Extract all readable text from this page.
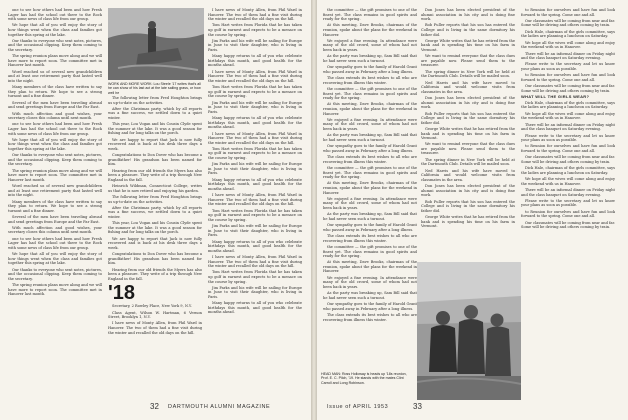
one to see how others had been and how Fresh Lager has had the school out there to the Rock with some news of class life from our group.

We hope that all of you will enjoy the story of how things went when the class and families got together this spring at the lake.

Our thanks to everyone who sent notes, pictures, and the occasional clipping. Keep them coming to the secretary.

The spring reunion plans move along and we will have more to report soon. The committee met in Hanover last month.

Word reached us of several new grandchildren and at least one retirement party that lasted well into the night.

Many members of the class have written to say they plan to return. We hope to see a strong turnout and a fine dinner.

Several of the men have been traveling abroad and send greetings from Europe and the Far East.

With much affection and good wishes, your secretary closes this column until next month.

one to see how others had been and how Fresh Lager has had the school out there to the Rock with some news of class life from our group.

We hope that all of you will enjoy the story of how things went when the class and families got together this spring at the lake.

Our thanks to everyone who sent notes, pictures, and the occasional clipping. Keep them coming to the secretary.

The spring reunion plans move along and we will have more to report soon. The committee met in Hanover last month.

Word reached us of several new grandchildren and at least one retirement party that lasted well into the night.

Many members of the class have written to say they plan to return. We hope to see a strong turnout and a fine dinner.

Several of the men have been traveling abroad and send greetings from Europe and the Far East.

With much affection and good wishes, your secretary closes this column until next month.

one to see how others had been and how Fresh Lager has had the school out there to the Rock with some news of class life from our group.

We hope that all of you will enjoy the story of how things went when the class and families got together this spring at the lake.

Our thanks to everyone who sent notes, pictures, and the occasional clipping. Keep them coming to the secretary.

The spring reunion plans move along and we will have more to report soon. The committee met in Hanover last month.

WORK AND MORE WORK: Lou Steele '17 writes that's all he can show of his last act at the late sailing grass, or how well he

The following letter from Fred Houghton brings us up-to-date on the activities.

After the Christmas party, which by all reports was a fine success, we settled down to a quiet winter.

This year, Lou Vogan and his Cousin Clyde spent the summer at the lake. It was a good season for fishing and for long talks on the porch.

We are happy to report that Jack is now fully recovered and is back at his desk three days a week.

Congratulations to Don Dover who has become a grandfather! His grandson has been named for him.

Hearing from our old friends the Myers has also been a pleasure. They write of a trip through New England in the fall.

Heinrich Wildman, Connecticut College, writes us that he is now retired and enjoying his garden.

The following letter from Fred Houghton brings us up-to-date on the activities.

After the Christmas party, which by all reports was a fine success, we settled down to a quiet winter.

This year, Lou Vogan and his Cousin Clyde spent the summer at the lake. It was a good season for fishing and for long talks on the porch.

We are happy to report that Jack is now fully recovered and is back at his desk three days a week.

Congratulations to Don Dover who has become a grandfather! His grandson has been named for him.

Hearing from our old friends the Myers has also been a pleasure. They write of a trip through New England in the fall.

'18

Secretary, 2 Rowley Place, New York 9, N.Y.

Class Agent, Wilson W. Hartman, 6 Vernon Street, Brooklyn 1, N.Y.

I have news of Monty Allen, from Phil Ward in Hanover. The two of them had a fine visit during the winter and recalled the old days on the hill.

I have news of Monty Allen, from Phil Ward in Hanover. The two of them had a fine visit during the winter and recalled the old days on the hill.

Tom Hart writes from Florida that he has taken up golf in earnest and expects to be a menace on the course by spring.

Jim Parks and his wife will be sailing for Europe in June to visit their daughter, who is living in Paris.

Many happy returns to all of you who celebrate birthdays this month, and good health for the months ahead.

I have news of Monty Allen, from Phil Ward in Hanover. The two of them had a fine visit during the winter and recalled the old days on the hill.

Tom Hart writes from Florida that he has taken up golf in earnest and expects to be a menace on the course by spring.

Jim Parks and his wife will be sailing for Europe in June to visit their daughter, who is living in Paris.

Many happy returns to all of you who celebrate birthdays this month, and good health for the months ahead.

I have news of Monty Allen, from Phil Ward in Hanover. The two of them had a fine visit during the winter and recalled the old days on the hill.

Tom Hart writes from Florida that he has taken up golf in earnest and expects to be a menace on the course by spring.

Jim Parks and his wife will be sailing for Europe in June to visit their daughter, who is living in Paris.

Many happy returns to all of you who celebrate birthdays this month, and good health for the months ahead.

I have news of Monty Allen, from Phil Ward in Hanover. The two of them had a fine visit during the winter and recalled the old days on the hill.

Tom Hart writes from Florida that he has taken up golf in earnest and expects to be a menace on the course by spring.

Jim Parks and his wife will be sailing for Europe in June to visit their daughter, who is living in Paris.

Many happy returns to all of you who celebrate birthdays this month, and good health for the months ahead.

I have news of Monty Allen, from Phil Ward in Hanover. The two of them had a fine visit during the winter and recalled the old days on the hill.

Tom Hart writes from Florida that he has taken up golf in earnest and expects to be a menace on the course by spring.

Jim Parks and his wife will be sailing for Europe in June to visit their daughter, who is living in Paris.

Many happy returns to all of you who celebrate birthdays this month, and good health for the months ahead.

32 DARTMOUTH ALUMNI MAGAZINE

the committee — the gift promises to one of the finest yet. The class remains in good spirits and ready for the spring.

At this meeting, Dave Brooks, chairman of the reunion, spoke about the plans for the weekend in Hanover.

We enjoyed a fine evening. In attendance were many of the old crowd, some of whom had not been back in years.

As the party was breaking up, Sam Bill said that he had never seen such a turnout.

Our sympathy goes to the family of Harold Grant who passed away in February after a long illness.

The class extends its best wishes to all who are recovering from illness this winter.

the committee — the gift promises to one of the finest yet. The class remains in good spirits and ready for the spring.

At this meeting, Dave Brooks, chairman of the reunion, spoke about the plans for the weekend in Hanover.

We enjoyed a fine evening. In attendance were many of the old crowd, some of whom had not been back in years.

As the party was breaking up, Sam Bill said that he had never seen such a turnout.

Our sympathy goes to the family of Harold Grant who passed away in February after a long illness.

The class extends its best wishes to all who are recovering from illness this winter.

the committee — the gift promises to one of the finest yet. The class remains in good spirits and ready for the spring.

At this meeting, Dave Brooks, chairman of the reunion, spoke about the plans for the weekend in Hanover.

We enjoyed a fine evening. In attendance were many of the old crowd, some of whom had not been back in years.

As the party was breaking up, Sam Bill said that he had never seen such a turnout.

Our sympathy goes to the family of Harold Grant who passed away in February after a long illness.

The class extends its best wishes to all who are recovering from illness this winter.

the committee — the gift promises to one of the finest yet. The class remains in good spirits and ready for the spring.

At this meeting, Dave Brooks, chairman of the reunion, spoke about the plans for the weekend in Hanover.

We enjoyed a fine evening. In attendance were many of the old crowd, some of whom had not been back in years.

As the party was breaking up, Sam Bill said that he had never seen such a turnout.

Our sympathy goes to the family of Harold Grant who passed away in February after a long illness.

The class extends its best wishes to all who are recovering from illness this winter.

Don Jones has been elected president of the alumni association in his city and is doing fine work.

Bob Fuller reports that his son has entered the College and is living in the same dormitory his father did.

George White writes that he has retired from the bank and is spending his time on his farm in Vermont.

We want to remind everyone that the class dues are payable now. Please send them to the treasurer.

The spring dinner in New York will be held at the Dartmouth Club. Details will be mailed soon.

Ned Harris and his wife have moved to California and would welcome visits from classmates in the area.

Don Jones has been elected president of the alumni association in his city and is doing fine work.

Bob Fuller reports that his son has entered the College and is living in the same dormitory his father did.

George White writes that he has retired from the bank and is spending his time on his farm in Vermont.

We want to remind everyone that the class dues are payable now. Please send them to the treasurer.

The spring dinner in New York will be held at the Dartmouth Club. Details will be mailed soon.

Ned Harris and his wife have moved to California and would welcome visits from classmates in the area.

Don Jones has been elected president of the alumni association in his city and is doing fine work.

Bob Fuller reports that his son has entered the College and is living in the same dormitory his father did.

George White writes that he has retired from the bank and is spending his time on his farm in Vermont.

to Reunion for ourselves and have fun and look forward to the spring. Come one and all.

Our classmates will be coming from near and far. Some will be driving and others coming by train.

Dick Hale, chairman of the girls committee, says the ladies are planning a luncheon on Saturday.

We hope all the wives will come along and enjoy the weekend with us in Hanover.

There will be an informal dinner on Friday night and the class banquet on Saturday evening.

Please write to the secretary and let us know your plans as soon as possible.

to Reunion for ourselves and have fun and look forward to the spring. Come one and all.

Our classmates will be coming from near and far. Some will be driving and others coming by train.

WHAT WILL THE GIRLS WEAR?

Dick Hale, chairman of the girls committee, says the ladies are planning a luncheon on Saturday.

We hope all the wives will come along and enjoy the weekend with us in Hanover.

There will be an informal dinner on Friday night and the class banquet on Saturday evening.

Please write to the secretary and let us know your plans as soon as possible.

to Reunion for ourselves and have fun and look forward to the spring. Come one and all.

Our classmates will be coming from near and far. Some will be driving and others coming by train.

Dick Hale, chairman of the girls committee, says the ladies are planning a luncheon on Saturday.

We hope all the wives will come along and enjoy the weekend with us in Hanover.

There will be an informal dinner on Friday night and the class banquet on Saturday evening.

Please write to the secretary and let us know your plans as soon as possible.

to Reunion for ourselves and have fun and look forward to the spring. Come one and all.

Our classmates will be coming from near and far. Some will be driving and others coming by train.

HEAD MAN: Ross Holloway is heads up '18s reunion, Prof. E. C. Pilch, '19. He stands with the mates Clint Carroll and Long Robinson.
Issue of APRIL 1953	33
